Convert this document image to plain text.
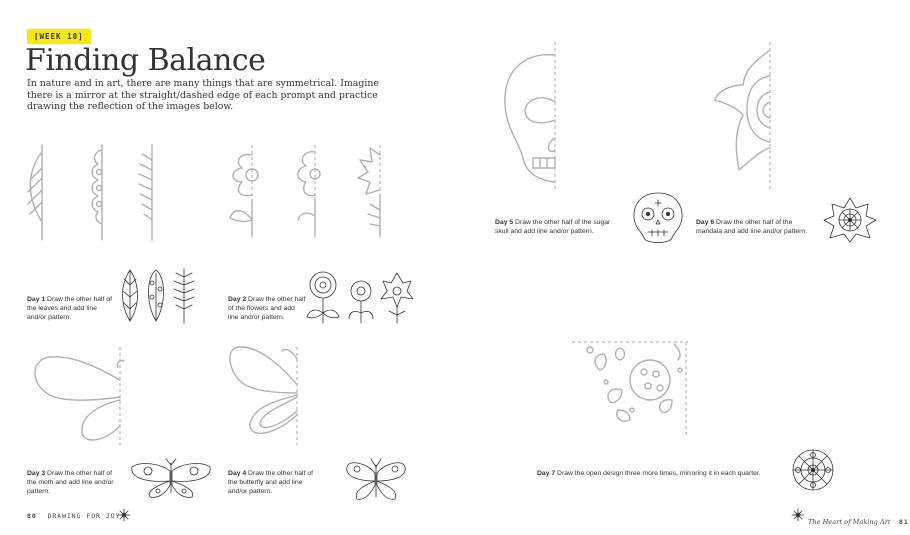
[WEEK 10]
Finding Balance
In nature and in art, there are many things that are symmetrical. Imagine there is a mirror at the straight/dashed edge of each prompt and practice drawing the reflection of the images below.
Day 1 Draw the other half of the leaves and add line and/or pattern.
Day 2 Draw the other half of the flowers and add line and/or pattern.
Day 3 Draw the other half of the moth and add line and/or pattern.
Day 4 Draw the other half of the butterfly and add line and/or pattern.
Day 5 Draw the other half of the sugar skull and add line and/or pattern.
Day 6 Draw the other half of the mandala and add line and/or pattern.
Day 7 Draw the open design three more times, mirroring it in each quarter.
80 DRAWING FOR JOY
The Heart of Making Art 81
